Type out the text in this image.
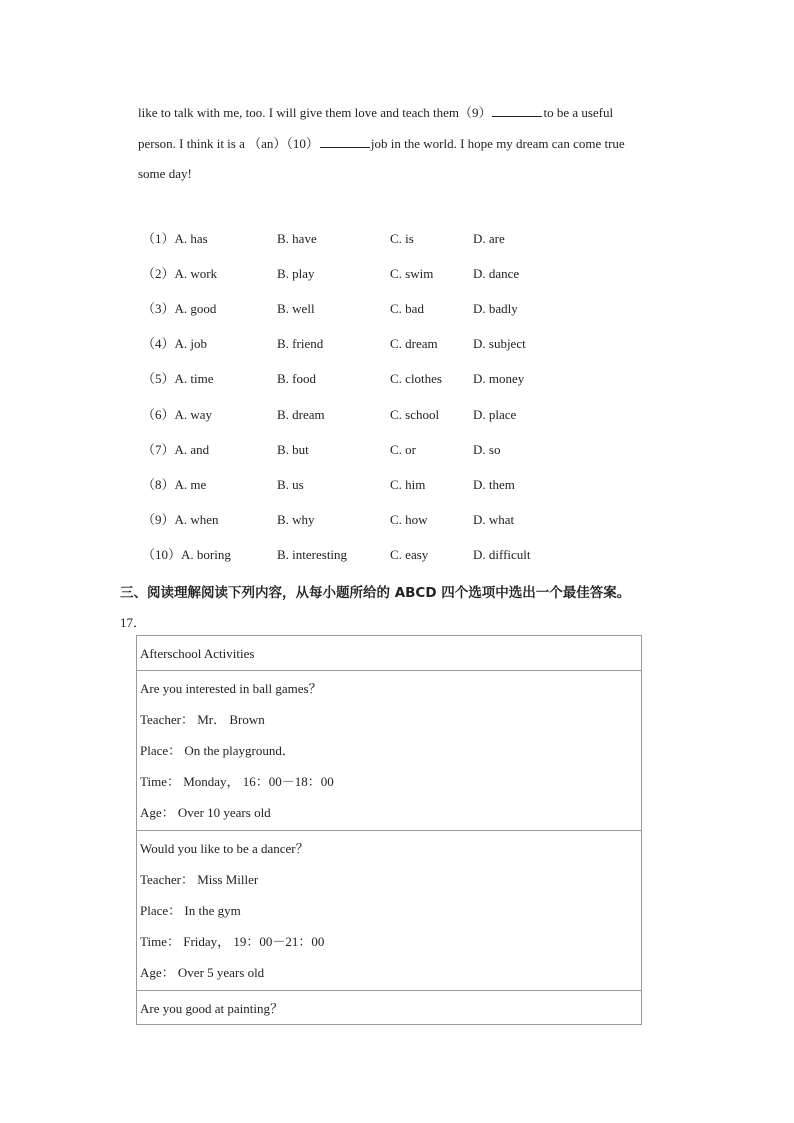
like to talk with me, too. I will give them love and teach them（9）	to be a useful
person. I think it is a （an）（10）	job in the world. I hope my dream can come true
some day!
（1）A. has	B. have	C. is	D. are
（2）A. work	B. play	C. swim	D. dance
（3）A. good	B. well	C. bad	D. badly
（4）A. job	B. friend	C. dream	D. subject
（5）A. time	B. food	C. clothes D. money
（6）A. way	B. dream	C. school	D. place
（7）A. and	B. but	C. or	D. so
（8）A. me	B. us	C. him	D. them
（9）A. when	B. why	C. how	D. what
（10）A. boring	B. interesting	C. easy	D. difficult
三、阅读理解阅读下列内容，从每小题所给的 ABCD 四个选项中选出一个最佳答案。
17．
Afterschool Activities
Are you interested in ball games？
Teacher： Mr． Brown
Place： On the playground．
Time： Monday， 16：00－18：00
Age： Over 10 years old
Would you like to be a dancer？
Teacher： Miss Miller
Place： In the gym
Time： Friday， 19：00－21：00
Age： Over 5 years old
Are you good at painting？
